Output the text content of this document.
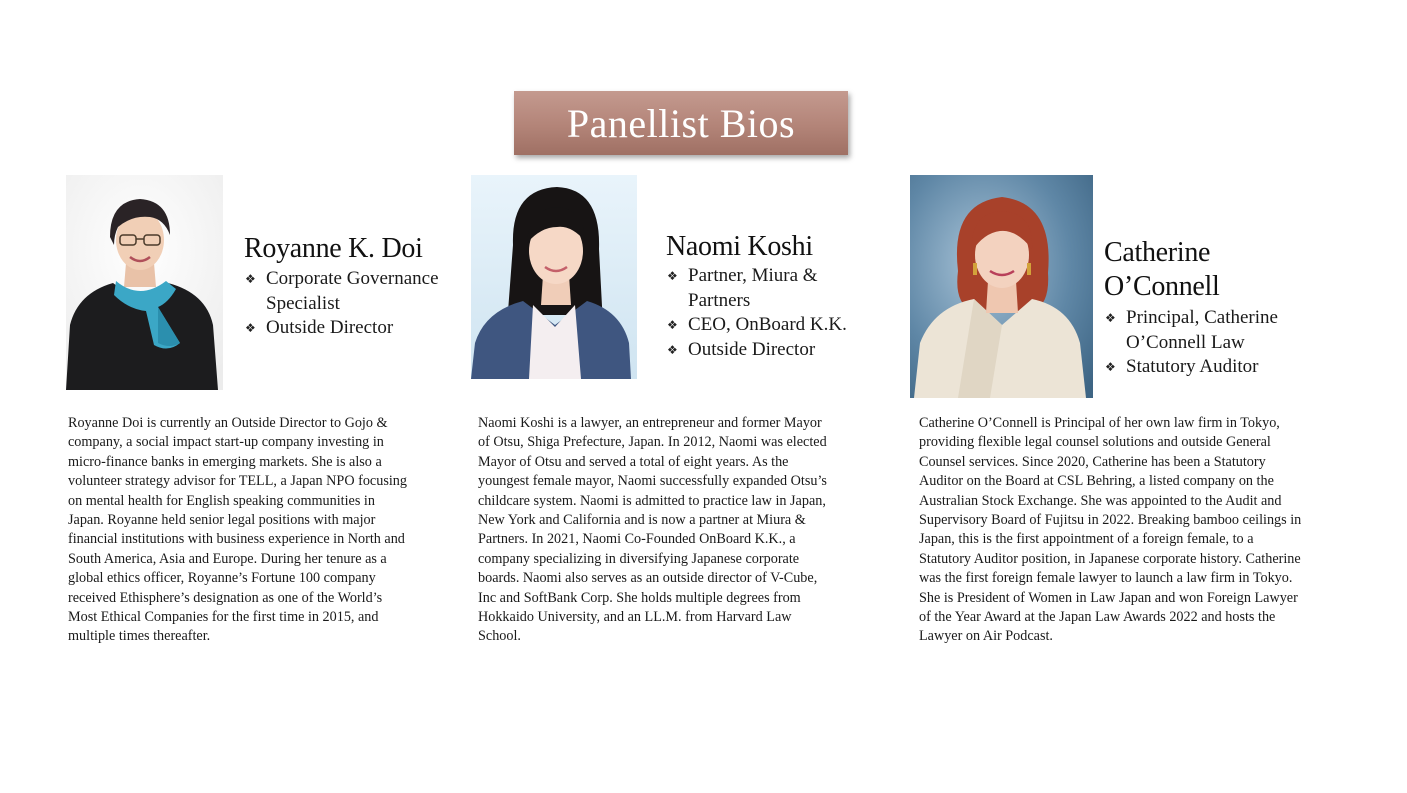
Panellist Bios
Royanne K. Doi
❖ Corporate Governance Specialist
❖ Outside Director

Royanne Doi is currently an Outside Director to Gojo & company, a social impact start-up company investing in micro-finance banks in emerging markets. She is also a volunteer strategy advisor for TELL, a Japan NPO focusing on mental health for English speaking communities in Japan. Royanne held senior legal positions with major financial institutions with business experience in North and South America, Asia and Europe. During her tenure as a global ethics officer, Royanne’s Fortune 100 company received Ethisphere’s designation as one of the World’s Most Ethical Companies for the first time in 2015, and multiple times thereafter.

Naomi Koshi
❖ Partner, Miura & Partners
❖ CEO, OnBoard K.K.
❖ Outside Director

Naomi Koshi is a lawyer, an entrepreneur and former Mayor of Otsu, Shiga Prefecture, Japan. In 2012, Naomi was elected Mayor of Otsu and served a total of eight years. As the youngest female mayor, Naomi successfully expanded Otsu’s childcare system. Naomi is admitted to practice law in Japan, New York and California and is now a partner at Miura & Partners. In 2021, Naomi Co-Founded OnBoard K.K., a company specializing in diversifying Japanese corporate boards. Naomi also serves as an outside director of V-Cube, Inc and SoftBank Corp. She holds multiple degrees from Hokkaido University, and an LL.M. from Harvard Law School.

Catherine O’Connell
❖ Principal, Catherine O’Connell Law
❖ Statutory Auditor

Catherine O’Connell is Principal of her own law firm in Tokyo, providing flexible legal counsel solutions and outside General Counsel services. Since 2020, Catherine has been a Statutory Auditor on the Board at CSL Behring, a listed company on the Australian Stock Exchange. She was appointed to the Audit and Supervisory Board of Fujitsu in 2022. Breaking bamboo ceilings in Japan, this is the first appointment of a foreign female, to a Statutory Auditor position, in Japanese corporate history. Catherine was the first foreign female lawyer to launch a law firm in Tokyo. She is President of Women in Law Japan and won Foreign Lawyer of the Year Award at the Japan Law Awards 2022 and hosts the Lawyer on Air Podcast.
